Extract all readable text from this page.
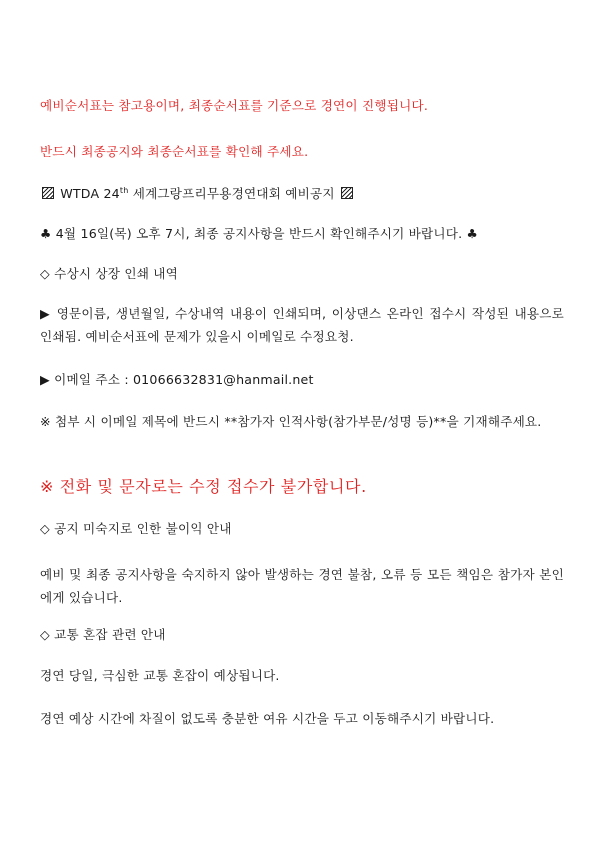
예비순서표는 참고용이며, 최종순서표를 기준으로 경연이 진행됩니다.
반드시 최종공지와 최종순서표를 확인해 주세요.
WTDA 24th 세계그랑프리무용경연대회 예비공지
♣ 4월 16일(목) 오후 7시, 최종 공지사항을 반드시 확인해주시기 바랍니다. ♣
◇ 수상시 상장 인쇄 내역
▶ 영문이름, 생년월일, 수상내역 내용이 인쇄되며, 이상댄스 온라인 접수시 작성된 내용으로 인쇄됨. 예비순서표에 문제가 있을시 이메일로 수정요청.
▶ 이메일 주소 : 01066632831@hanmail.net
※ 첨부 시 이메일 제목에 반드시 **참가자 인적사항(참가부문/성명 등)**을 기재해주세요.
※ 전화 및 문자로는 수정 접수가 불가합니다.
◇ 공지 미숙지로 인한 불이익 안내
예비 및 최종 공지사항을 숙지하지 않아 발생하는 경연 불참, 오류 등 모든 책임은 참가자 본인에게 있습니다.
◇ 교통 혼잡 관련 안내
경연 당일, 극심한 교통 혼잡이 예상됩니다.
경연 예상 시간에 차질이 없도록 충분한 여유 시간을 두고 이동해주시기 바랍니다.
